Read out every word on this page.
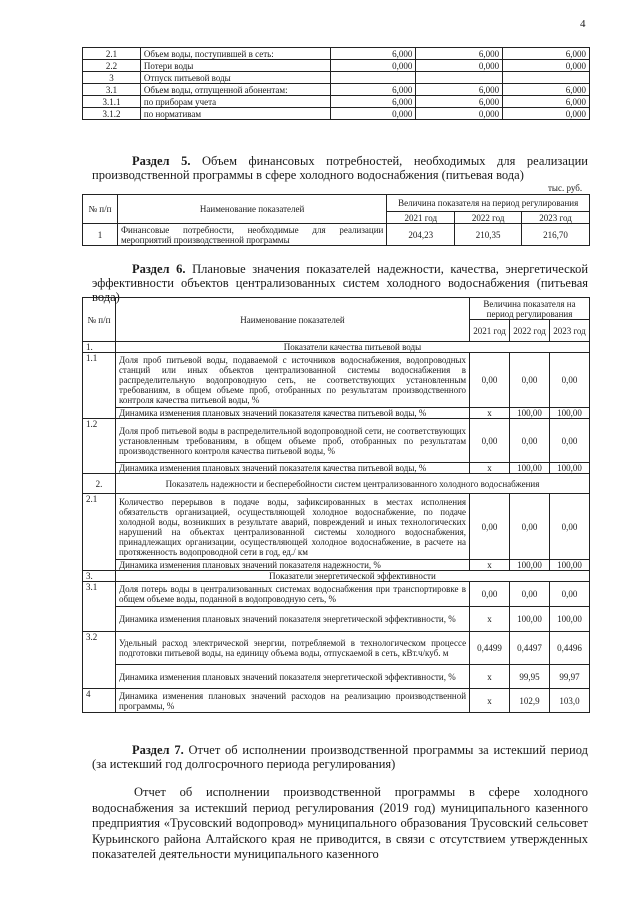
4
2.1	Объем воды, поступившей в сеть:	6,000	6,000	6,000
2.2	Потери воды	0,000	0,000	0,000
3	Отпуск питьевой воды			
3.1	Объем воды, отпущенной абонентам:	6,000	6,000	6,000
3.1.1	по приборам учета	6,000	6,000	6,000
3.1.2	по нормативам	0,000	0,000	0,000
Раздел 5. Объем финансовых потребностей, необходимых для реализации производственной программы в сфере холодного водоснабжения (питьевая вода)
тыс. руб.
№ п/п	Наименование показателей	Величина показателя на период регулирования		
		2021 год	2022 год	2023 год
1	Финансовые потребности, необходимые для реализации мероприятий производственной программы	204,23	210,35	216,70
Раздел 6. Плановые значения показателей надежности, качества, энергетической эффективности объектов централизованных систем холодного водоснабжения (питьевая вода)
№ п/п	Наименование показателей	Величина показателя на период регулирования		
		2021 год	2022 год	2023 год
1.	Показатели качества питьевой воды			
1.1	Доля проб питьевой воды, подаваемой с источников водоснабжения, водопроводных станций или иных объектов централизованной системы водоснабжения в распределительную водопроводную сеть, не соответствующих установленным требованиям, в общем объеме проб, отобранных по результатам производственного контроля качества питьевой воды, %	0,00	0,00	0,00
	Динамика изменения плановых значений показателя качества питьевой воды, %	x	100,00	100,00
1.2	Доля проб питьевой воды в распределительной водопроводной сети, не соответствующих установленным требованиям, в общем объеме проб, отобранных по результатам производственного контроля качества питьевой воды, %	0,00	0,00	0,00
	Динамика изменения плановых значений показателя качества питьевой воды, %	x	100,00	100,00
2.	Показатель надежности и бесперебойности систем централизованного холодного водоснабжения			
2.1	Количество перерывов в подаче воды, зафиксированных в местах исполнения обязательств организацией, осуществляющей холодное водоснабжение, по подаче холодной воды, возникших в результате аварий, повреждений и иных технологических нарушений на объектах централизованной системы холодного водоснабжения, принадлежащих организации, осуществляющей холодное водоснабжение, в расчете на протяженность водопроводной сети в год, ед./ км	0,00	0,00	0,00
	Динамика изменения плановых значений показателя надежности, %	x	100,00	100,00
3.	Показатели энергетической эффективности			
3.1	Доля потерь воды в централизованных системах водоснабжения при транспортировке в общем объеме воды, поданной в водопроводную сеть, %	0,00	0,00	0,00
	Динамика изменения плановых значений показателя энергетической эффективности, %	x	100,00	100,00
3.2	Удельный расход электрической энергии, потребляемой в технологическом процессе подготовки питьевой воды, на единицу объема воды, отпускаемой в сеть, кВт.ч/куб. м	0,4499	0,4497	0,4496
	Динамика изменения плановых значений показателя энергетической эффективности, %	x	99,95	99,97
4	Динамика изменения плановых значений расходов на реализацию производственной программы, %	x	102,9	103,0
Раздел 7. Отчет об исполнении производственной программы за истекший период (за истекший год долгосрочного периода регулирования)
Отчет об исполнении производственной программы в сфере холодного водоснабжения за истекший период регулирования (2019 год) муниципального казенного предприятия «Трусовский водопровод» муниципального образования Трусовский сельсовет Курьинского района Алтайского края не приводится, в связи с отсутствием утвержденных показателей деятельности муниципального казенного
